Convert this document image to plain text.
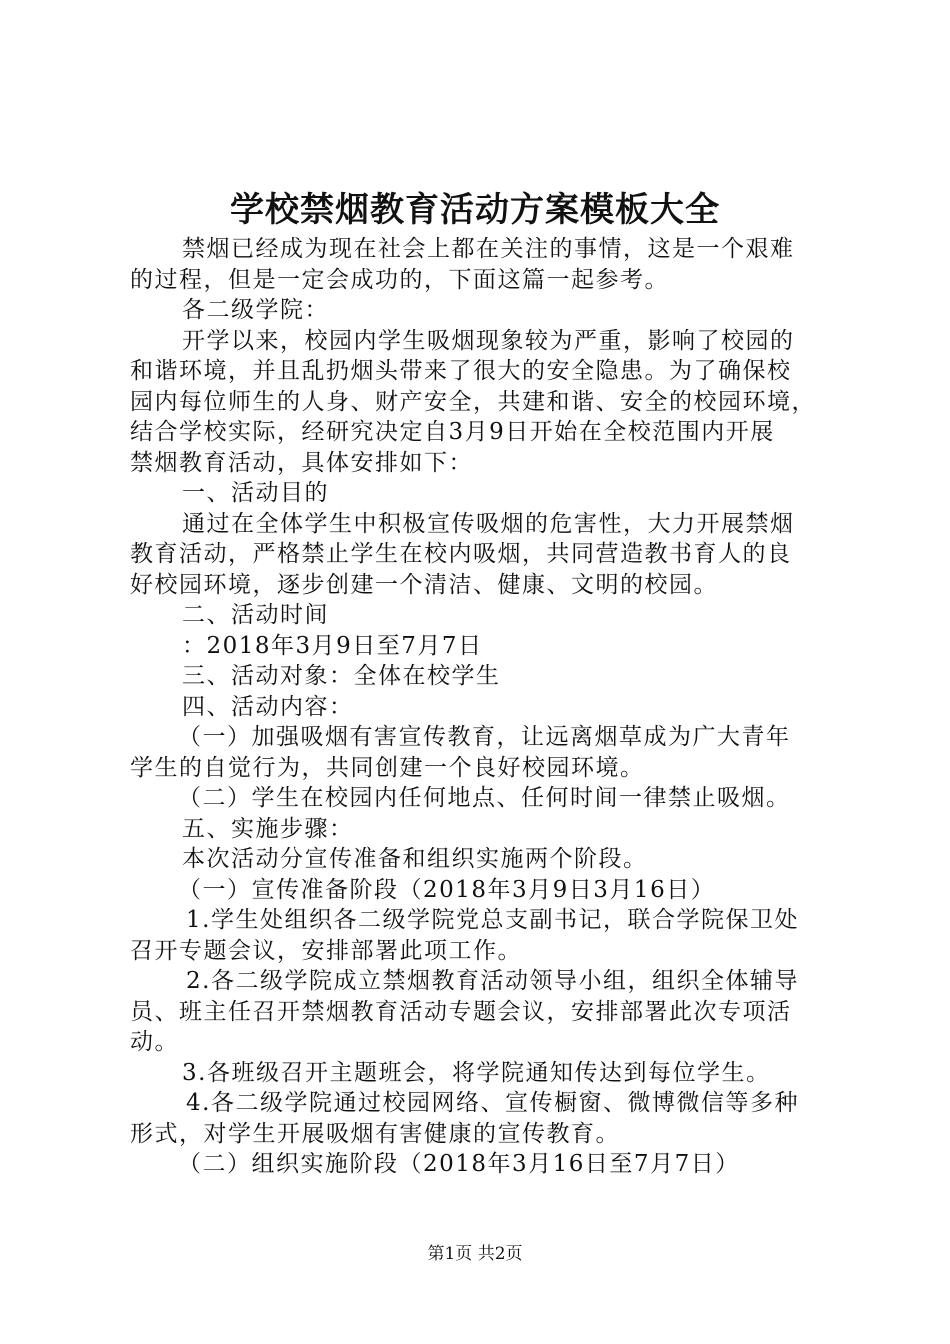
学校禁烟教育活动方案模板大全

禁烟已经成为现在社会上都在关注的事情，这是一个艰难

的过程，但是一定会成功的，下面这篇一起参考。

各二级学院：

开学以来，校园内学生吸烟现象较为严重，影响了校园的

和谐环境，并且乱扔烟头带来了很大的安全隐患。为了确保校

园内每位师生的人身、财产安全，共建和谐、安全的校园环境，

结合学校实际，经研究决定自3月9日开始在全校范围内开展

禁烟教育活动，具体安排如下：

一、活动目的

通过在全体学生中积极宣传吸烟的危害性，大力开展禁烟

教育活动，严格禁止学生在校内吸烟，共同营造教书育人的良

好校园环境，逐步创建一个清洁、健康、文明的校园。

二、活动时间

：2018年3月9日至7月7日

三、活动对象：全体在校学生

四、活动内容：

（一）加强吸烟有害宣传教育，让远离烟草成为广大青年

学生的自觉行为，共同创建一个良好校园环境。

（二）学生在校园内任何地点、任何时间一律禁止吸烟。

五、实施步骤：

本次活动分宣传准备和组织实施两个阶段。

（一）宣传准备阶段（2018年3月9日3月16日）

1.学生处组织各二级学院党总支副书记，联合学院保卫处

召开专题会议，安排部署此项工作。

2.各二级学院成立禁烟教育活动领导小组，组织全体辅导

员、班主任召开禁烟教育活动专题会议，安排部署此次专项活

动。

3.各班级召开主题班会，将学院通知传达到每位学生。

4.各二级学院通过校园网络、宣传橱窗、微博微信等多种

形式，对学生开展吸烟有害健康的宣传教育。

（二）组织实施阶段（2018年3月16日至7月7日）

第1页 共2页
